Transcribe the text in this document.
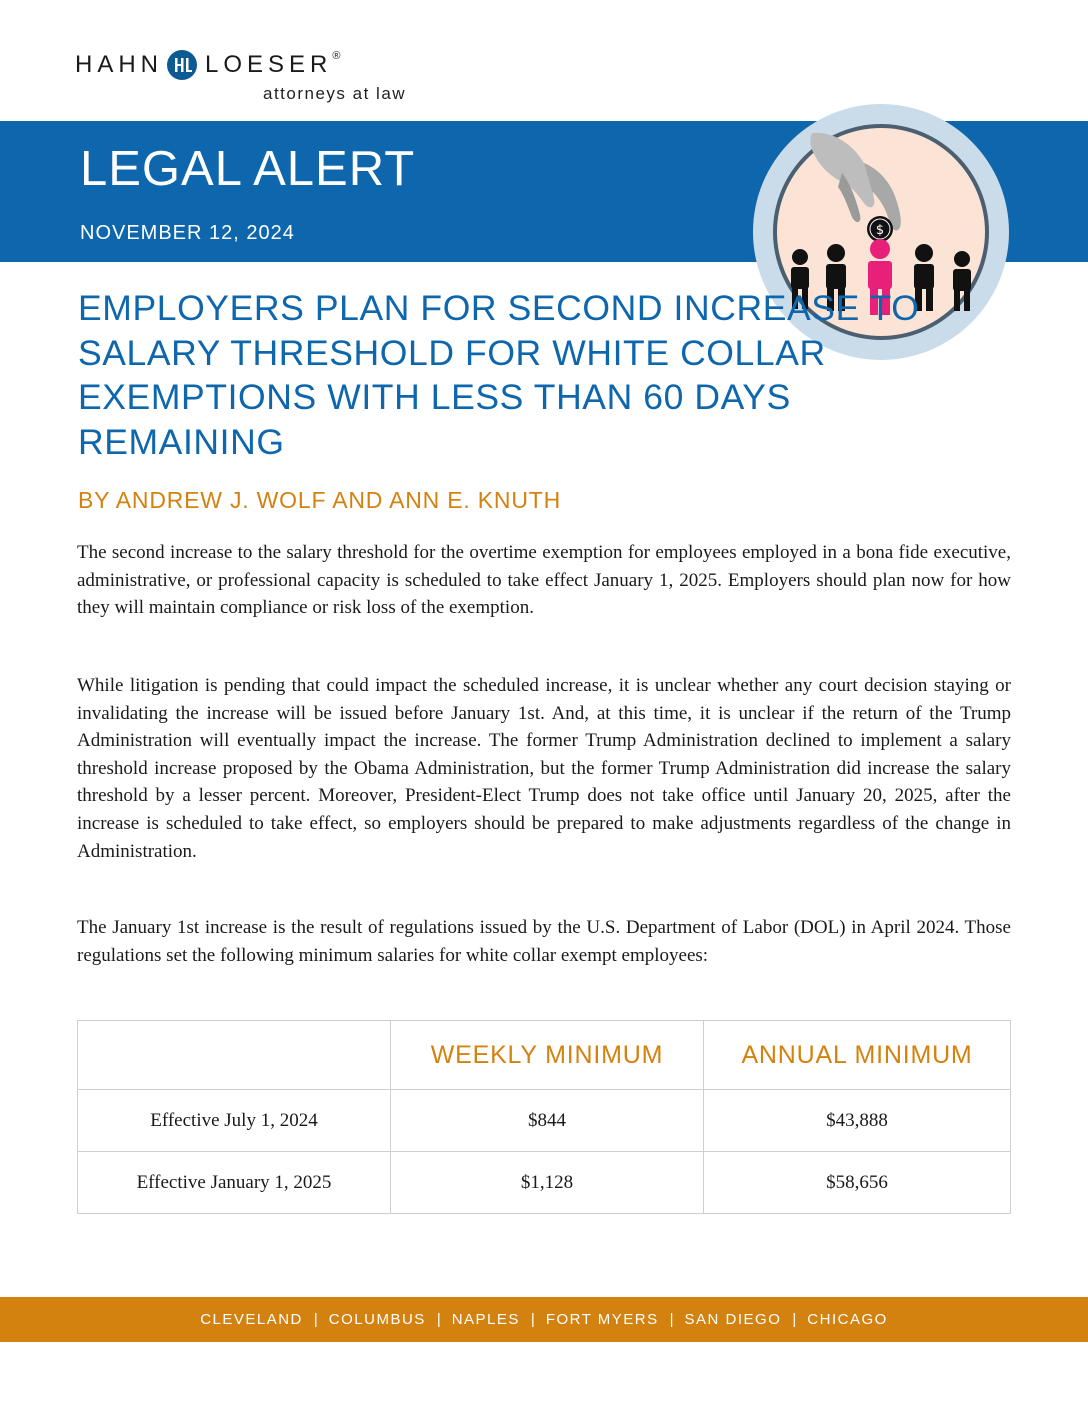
HAHN LOESER ®
attorneys at law
LEGAL ALERT
NOVEMBER 12, 2024	$
EMPLOYERS PLAN FOR SECOND INCREASE TO SALARY THRESHOLD FOR WHITE COLLAR EXEMPTIONS WITH LESS THAN 60 DAYS REMAINING
BY ANDREW J. WOLF AND ANN E. KNUTH

The second increase to the salary threshold for the overtime exemption for employees employed in a bona fide executive, administrative, or professional capacity is scheduled to take effect January 1, 2025. Employers should plan now for how they will maintain compliance or risk loss of the exemption.

While litigation is pending that could impact the scheduled increase, it is unclear whether any court decision staying or invalidating the increase will be issued before January 1st. And, at this time, it is unclear if the return of the Trump Administration will eventually impact the increase. The former Trump Administration declined to implement a salary threshold increase proposed by the Obama Administration, but the former Trump Administration did increase the salary threshold by a lesser percent. Moreover, President-Elect Trump does not take office until January 20, 2025, after the increase is scheduled to take effect, so employers should be prepared to make adjustments regardless of the change in Administration.

The January 1st increase is the result of regulations issued by the U.S. Department of Labor (DOL) in April 2024. Those regulations set the following minimum salaries for white collar exempt employees:

	WEEKLY MINIMUM	ANNUAL MINIMUM
Effective July 1, 2024	$844	$43,888
Effective January 1, 2025	$1,128	$58,656
CLEVELAND | COLUMBUS | NAPLES | FORT MYERS | SAN DIEGO | CHICAGO
